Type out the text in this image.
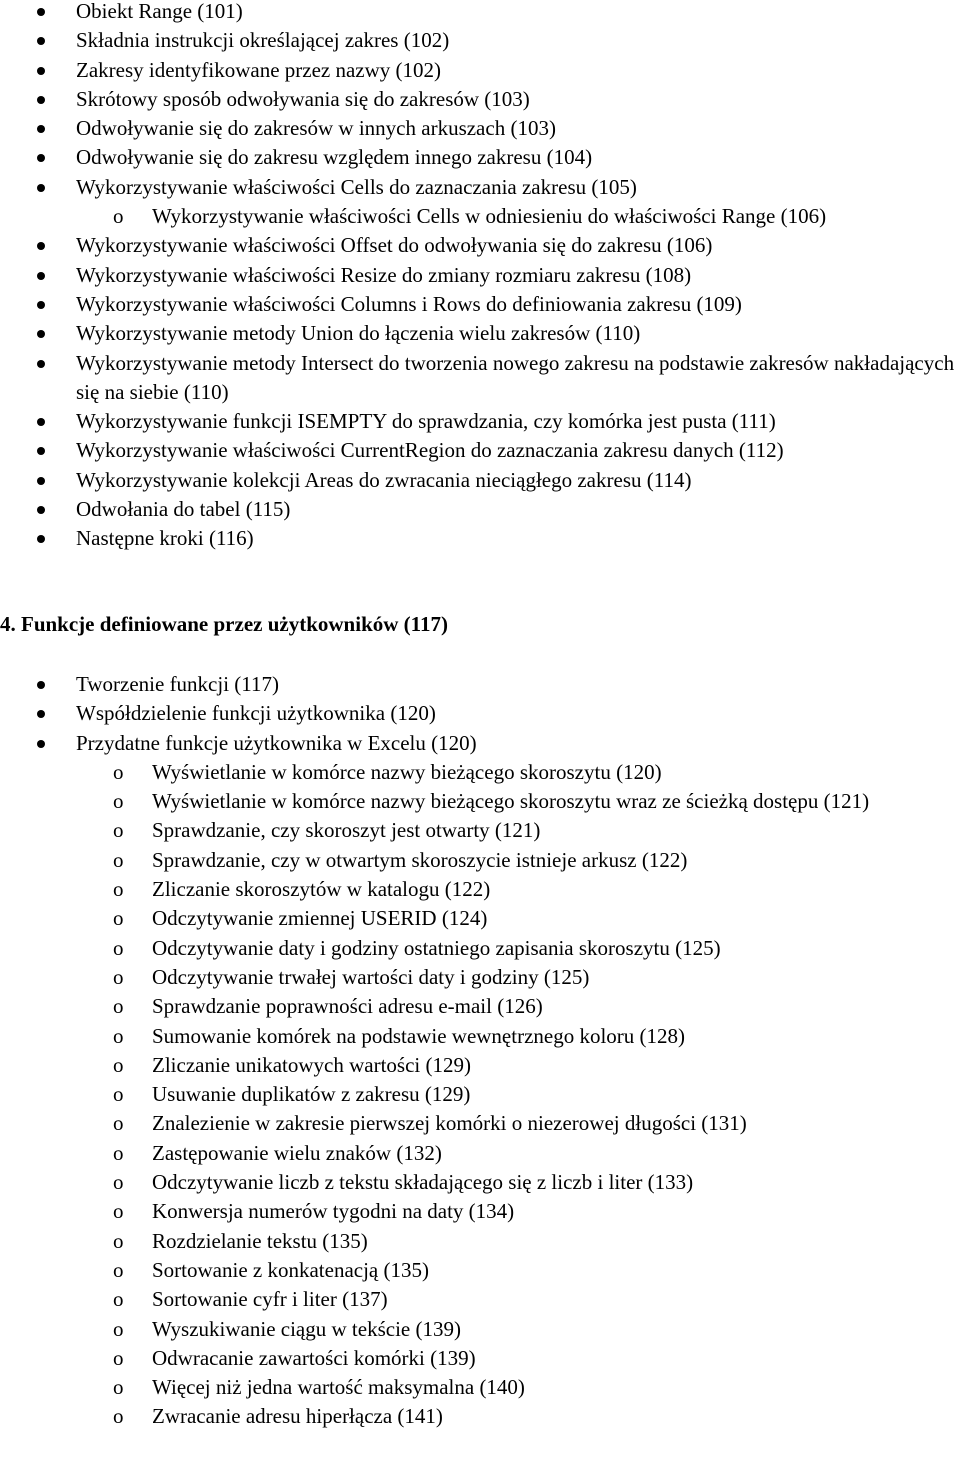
Obiekt Range (101)
Składnia instrukcji określającej zakres (102)
Zakresy identyfikowane przez nazwy (102)
Skrótowy sposób odwoływania się do zakresów (103)
Odwoływanie się do zakresów w innych arkuszach (103)
Odwoływanie się do zakresu względem innego zakresu (104)
Wykorzystywanie właściwości Cells do zaznaczania zakresu (105)
o Wykorzystywanie właściwości Cells w odniesieniu do właściwości Range (106)
Wykorzystywanie właściwości Offset do odwoływania się do zakresu (106)
Wykorzystywanie właściwości Resize do zmiany rozmiaru zakresu (108)
Wykorzystywanie właściwości Columns i Rows do definiowania zakresu (109)
Wykorzystywanie metody Union do łączenia wielu zakresów (110)
Wykorzystywanie metody Intersect do tworzenia nowego zakresu na podstawie zakresów nakładających się na siebie (110)
Wykorzystywanie funkcji ISEMPTY do sprawdzania, czy komórka jest pusta (111)
Wykorzystywanie właściwości CurrentRegion do zaznaczania zakresu danych (112)
Wykorzystywanie kolekcji Areas do zwracania nieciągłego zakresu (114)
Odwołania do tabel (115)
Następne kroki (116)
4. Funkcje definiowane przez użytkowników (117)
Tworzenie funkcji (117)
Współdzielenie funkcji użytkownika (120)
Przydatne funkcje użytkownika w Excelu (120)
o Wyświetlanie w komórce nazwy bieżącego skoroszytu (120)
o Wyświetlanie w komórce nazwy bieżącego skoroszytu wraz ze ścieżką dostępu (121)
o Sprawdzanie, czy skoroszyt jest otwarty (121)
o Sprawdzanie, czy w otwartym skoroszycie istnieje arkusz (122)
o Zliczanie skoroszytów w katalogu (122)
o Odczytywanie zmiennej USERID (124)
o Odczytywanie daty i godziny ostatniego zapisania skoroszytu (125)
o Odczytywanie trwałej wartości daty i godziny (125)
o Sprawdzanie poprawności adresu e-mail (126)
o Sumowanie komórek na podstawie wewnętrznego koloru (128)
o Zliczanie unikatowych wartości (129)
o Usuwanie duplikatów z zakresu (129)
o Znalezienie w zakresie pierwszej komórki o niezerowej długości (131)
o Zastępowanie wielu znaków (132)
o Odczytywanie liczb z tekstu składającego się z liczb i liter (133)
o Konwersja numerów tygodni na daty (134)
o Rozdzielanie tekstu (135)
o Sortowanie z konkatenacją (135)
o Sortowanie cyfr i liter (137)
o Wyszukiwanie ciągu w tekście (139)
o Odwracanie zawartości komórki (139)
o Więcej niż jedna wartość maksymalna (140)
o Zwracanie adresu hiperłącza (141)
